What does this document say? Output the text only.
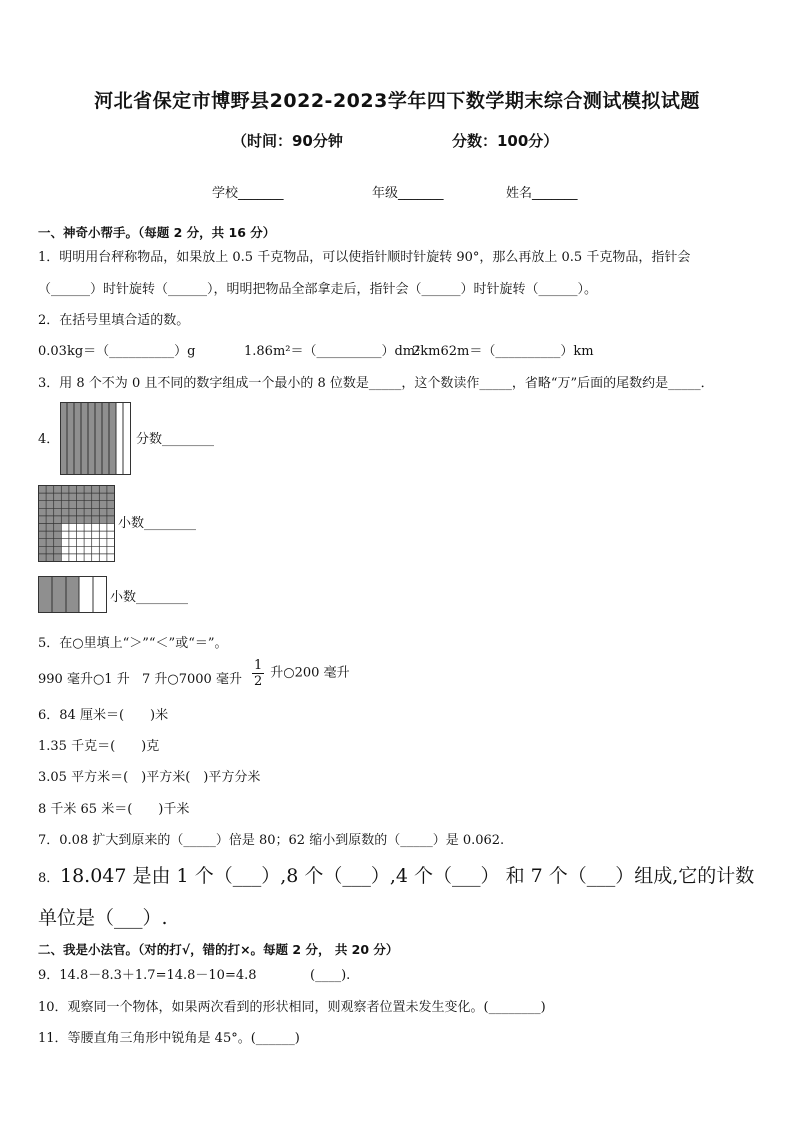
河北省保定市博野县2022-2023学年四下数学期末综合测试模拟试题
（时间：90分钟	分数：100分）
学校_______	年级_______	姓名_______
一、神奇小帮手。（每题 2 分，共 16 分）
1．明明用台秤称物品，如果放上 0.5 千克物品，可以使指针顺时针旋转 90°，那么再放上 0.5 千克物品，指针会
（______）时针旋转（______），明明把物品全部拿走后，指针会（______）时针旋转（______）。
2．在括号里填合适的数。
0.03kg＝（__________）g	1.86m²＝（__________）dm²
2km62m＝（__________）km
3．用 8 个不为 0 且不同的数字组成一个最小的 8 位数是_____，这个数读作_____，省略“万”后面的尾数约是_____．
4．	分数________
小数________
小数________
5．在○里填上“＞”“＜”或“＝”。
990 毫升○1 升 7 升○7000 毫升 $\frac{1}{2}$ 升○200 毫升
6．84 厘米＝(　　)米
1.35 千克＝(　　)克
3.05 平方米＝(　)平方米(　)平方分米
8 千米 65 米＝(　　)千米
7．0.08 扩大到原来的（_____）倍是 80；62 缩小到原数的（_____）是 0.062.
8． 18.047 是由 1 个（___）,8 个（___）,4 个（___） 和 7 个（___）组成,它的计数
单位是（___）.
二、我是小法官。（对的打√，错的打×。每题 2 分， 共 20 分）
9．14.8－8.3＋1.7=14.8－10=4.8	(____).
10．观察同一个物体，如果两次看到的形状相同，则观察者位置未发生变化。(________)
11．等腰直角三角形中锐角是 45°。(______)
